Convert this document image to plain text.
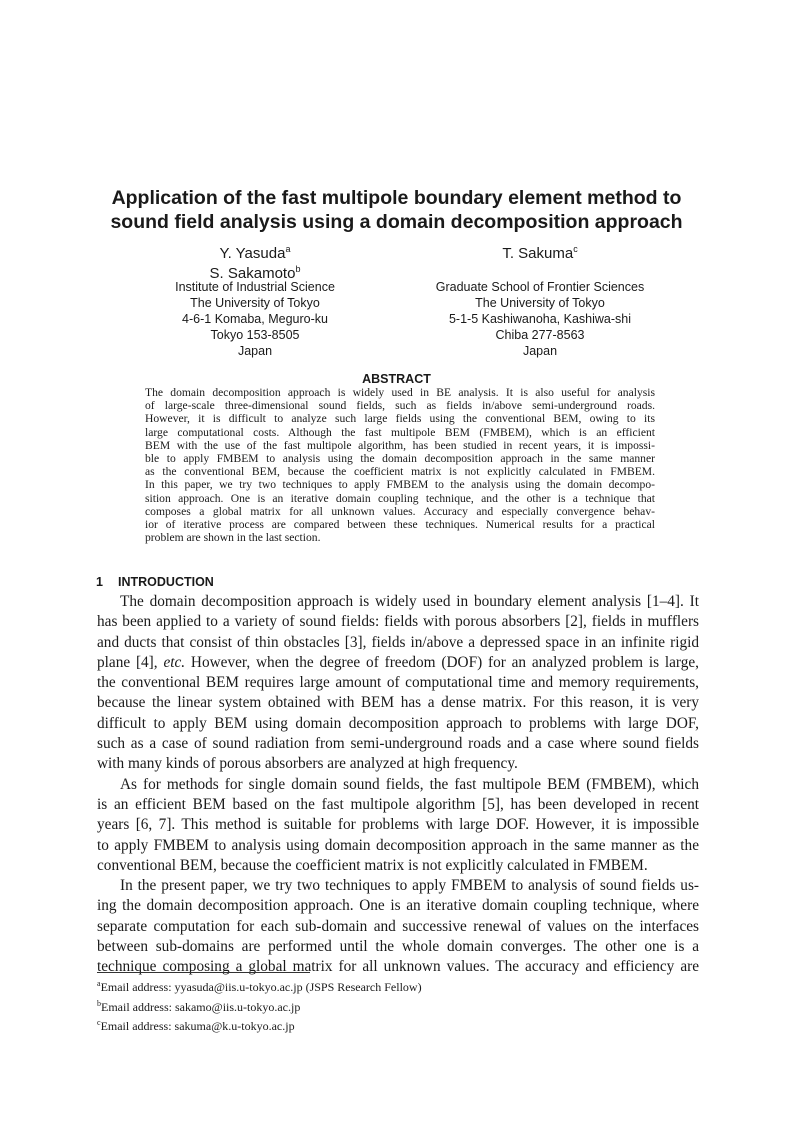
Application of the fast multipole boundary element method to
sound field analysis using a domain decomposition approach
Y. Yasuda$^a$
S. Sakamoto$^b$
T. Sakuma$^c$
Institute of Industrial Science
The University of Tokyo
4-6-1 Komaba, Meguro-ku
Tokyo 153-8505
Japan
Graduate School of Frontier Sciences
The University of Tokyo
5-1-5 Kashiwanoha, Kashiwa-shi
Chiba 277-8563
Japan
ABSTRACT
The domain decomposition approach is widely used in BE analysis. It is also useful for analysis
of large-scale three-dimensional sound fields, such as fields in/above semi-underground roads.
However, it is difficult to analyze such large fields using the conventional BEM, owing to its
large computational costs. Although the fast multipole BEM (FMBEM), which is an efficient
BEM with the use of the fast multipole algorithm, has been studied in recent years, it is impossi-
ble to apply FMBEM to analysis using the domain decomposition approach in the same manner
as the conventional BEM, because the coefficient matrix is not explicitly calculated in FMBEM.
In this paper, we try two techniques to apply FMBEM to the analysis using the domain decompo-
sition approach. One is an iterative domain coupling technique, and the other is a technique that
composes a global matrix for all unknown values. Accuracy and especially convergence behav-
ior of iterative process are compared between these techniques. Numerical results for a practical
problem are shown in the last section.
1 INTRODUCTION
The domain decomposition approach is widely used in boundary element analysis [1–4]. It
has been applied to a variety of sound fields: fields with porous absorbers [2], fields in mufflers
and ducts that consist of thin obstacles [3], fields in/above a depressed space in an infinite rigid
plane [4], etc. However, when the degree of freedom (DOF) for an analyzed problem is large,
the conventional BEM requires large amount of computational time and memory requirements,
because the linear system obtained with BEM has a dense matrix. For this reason, it is very
difficult to apply BEM using domain decomposition approach to problems with large DOF,
such as a case of sound radiation from semi-underground roads and a case where sound fields
with many kinds of porous absorbers are analyzed at high frequency.
As for methods for single domain sound fields, the fast multipole BEM (FMBEM), which
is an efficient BEM based on the fast multipole algorithm [5], has been developed in recent
years [6, 7]. This method is suitable for problems with large DOF. However, it is impossible
to apply FMBEM to analysis using domain decomposition approach in the same manner as the
conventional BEM, because the coefficient matrix is not explicitly calculated in FMBEM.
In the present paper, we try two techniques to apply FMBEM to analysis of sound fields us-
ing the domain decomposition approach. One is an iterative domain coupling technique, where
separate computation for each sub-domain and successive renewal of values on the interfaces
between sub-domains are performed until the whole domain converges. The other one is a
technique composing a global matrix for all unknown values. The accuracy and efficiency are
$^a$Email address: yyasuda@iis.u-tokyo.ac.jp (JSPS Research Fellow)
$^b$Email address: sakamo@iis.u-tokyo.ac.jp
$^c$Email address: sakuma@k.u-tokyo.ac.jp
